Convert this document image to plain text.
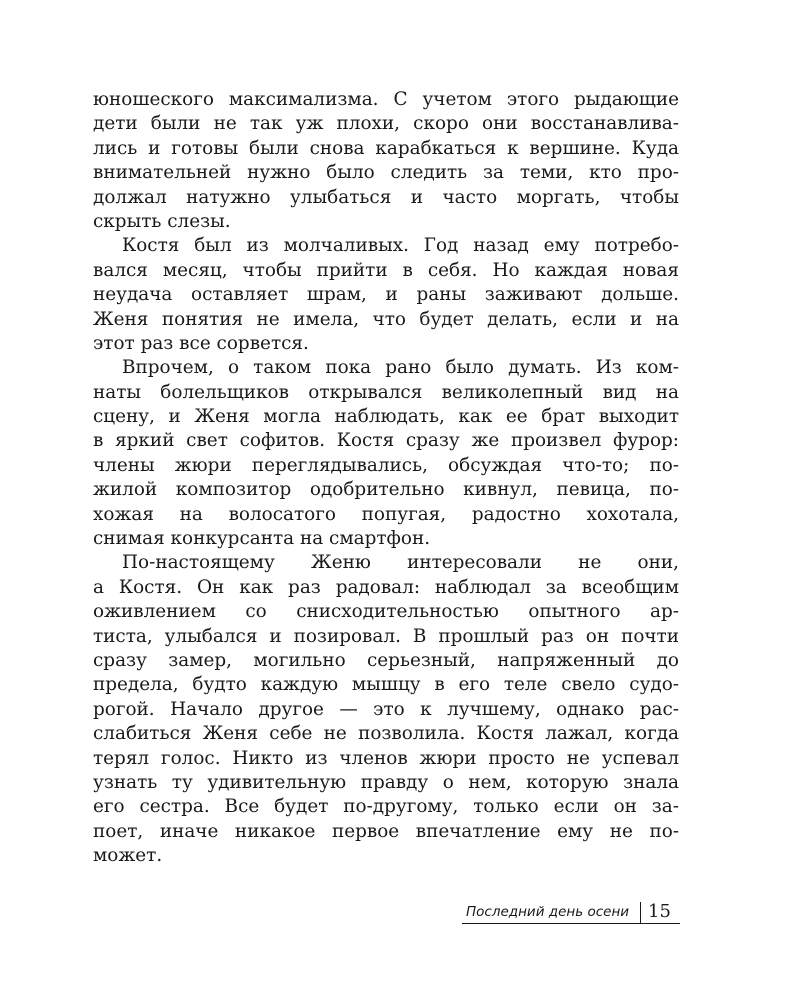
юношеского максимализма. С учетом этого рыдающие
дети были не так уж плохи, скоро они восстанавлива-
лись и готовы были снова карабкаться к вершине. Куда
внимательней нужно было следить за теми, кто про-
должал натужно улыбаться и часто моргать, чтобы
скрыть слезы.
Костя был из молчаливых. Год назад ему потребо-
вался месяц, чтобы прийти в себя. Но каждая новая
неудача оставляет шрам, и раны заживают дольше.
Женя понятия не имела, что будет делать, если и на
этот раз все сорвется.
Впрочем, о таком пока рано было думать. Из ком-
наты болельщиков открывался великолепный вид на
сцену, и Женя могла наблюдать, как ее брат выходит
в яркий свет софитов. Костя сразу же произвел фурор:
члены жюри переглядывались, обсуждая что-то; по-
жилой композитор одобрительно кивнул, певица, по-
хожая на волосатого попугая, радостно хохотала,
снимая конкурсанта на смартфон.
По-настоящему Женю интересовали не они,
а Костя. Он как раз радовал: наблюдал за всеобщим
оживлением со снисходительностью опытного ар-
тиста, улыбался и позировал. В прошлый раз он почти
сразу замер, могильно серьезный, напряженный до
предела, будто каждую мышцу в его теле свело судо-
рогой. Начало другое — это к лучшему, однако рас-
слабиться Женя себе не позволила. Костя лажал, когда
терял голос. Никто из членов жюри просто не успевал
узнать ту удивительную правду о нем, которую знала
его сестра. Все будет по-другому, только если он за-
поет, иначе никакое первое впечатление ему не по-
может.
Последний день осени 15
